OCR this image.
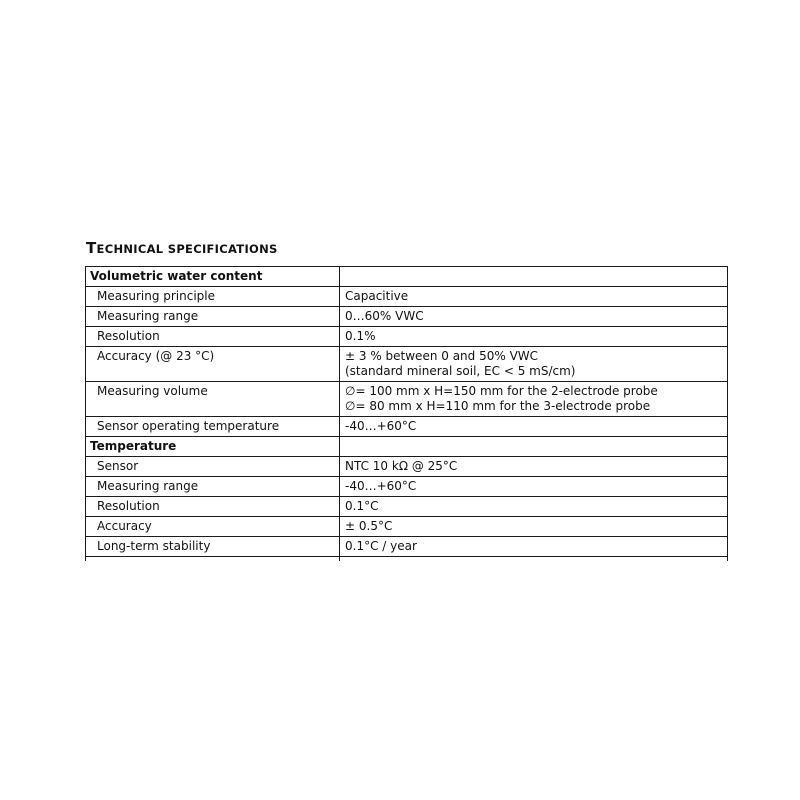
TECHNICAL SPECIFICATIONS
Volumetric water content	
Measuring principle	Capacitive

Measuring range	0…60% VWC

Resolution	0.1%

Accuracy (@ 23 °C)	± 3 % between 0 and 50% VWC
(standard mineral soil, EC < 5 mS/cm)

Measuring volume	∅= 100 mm x H=150 mm for the 2-electrode probe
∅= 80 mm x H=110 mm for the 3-electrode probe

Sensor operating temperature	-40…+60°C

Temperature	
Sensor	NTC 10 kΩ @ 25°C

Measuring range	-40…+60°C

Resolution	0.1°C

Accuracy	± 0.5°C

Long-term stability	0.1°C / year
